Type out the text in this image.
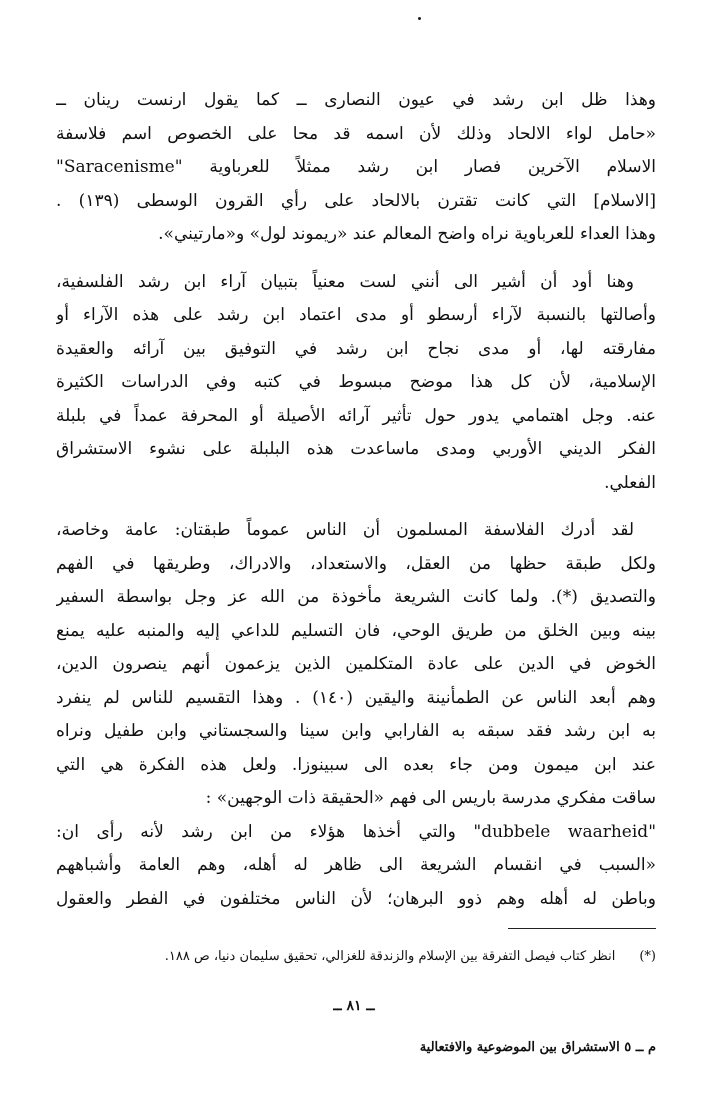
وهذا ظل ابن رشد في عيون النصارى ــ كما يقول ارنست رينان ــ
«حامل لواء الالحاد وذلك لأن اسمه قد محا على الخصوص اسم فلاسفة
الاسلام الآخرين فصار ابن رشد ممثلاً للعرباوية "Saracenisme"
[الاسلام] التي كانت تقترن بالالحاد على رأي القرون الوسطى (١٣٩) .
وهذا العداء للعرباوية نراه واضح المعالم عند «ريموند لول» و«مارتيني».
وهنا أود أن أشير الى أنني لست معنياً بتبيان آراء ابن رشد الفلسفية،
وأصالتها بالنسبة لآراء أرسطو أو مدى اعتماد ابن رشد على هذه الآراء أو
مفارقته لها، أو مدى نجاح ابن رشد في التوفيق بين آرائه والعقيدة
الإسلامية، لأن كل هذا موضح مبسوط في كتبه وفي الدراسات الكثيرة
عنه. وجل اهتمامي يدور حول تأثير آرائه الأصيلة أو المحرفة عمداً في بلبلة
الفكر الديني الأوربي ومدى ماساعدت هذه البلبلة على نشوء الاستشراق
الفعلي.
لقد أدرك الفلاسفة المسلمون أن الناس عموماً طبقتان: عامة وخاصة،
ولكل طبقة حظها من العقل، والاستعداد، والادراك، وطريقها في الفهم
والتصديق (*). ولما كانت الشريعة مأخوذة من الله عز وجل بواسطة السفير
بينه وبين الخلق من طريق الوحي، فان التسليم للداعي إليه والمنبه عليه يمنع
الخوض في الدين على عادة المتكلمين الذين يزعمون أنهم ينصرون الدين،
وهم أبعد الناس عن الطمأنينة واليقين (١٤٠) . وهذا التقسيم للناس لم ينفرد
به ابن رشد فقد سبقه به الفارابي وابن سينا والسجستاني وابن طفيل ونراه
عند ابن ميمون ومن جاء بعده الى سبينوزا. ولعل هذه الفكرة هي التي
ساقت مفكري مدرسة باريس الى فهم «الحقيقة ذات الوجهين» :
"dubbele waarheid" والتي أخذها هؤلاء من ابن رشد لأنه رأى ان:
«السبب في انقسام الشريعة الى ظاهر له أهله، وهم العامة وأشباههم
وباطن له أهله وهم ذوو البرهان؛ لأن الناس مختلفون في الفطر والعقول
(*)انظر كتاب فيصل التفرقة بين الإسلام والزندقة للغزالي، تحقيق سليمان دنيا، ص ١٨٨.
ــ ٨١ ــ
م ــ ٥ الاستشراق بين الموضوعية والافتعالية
